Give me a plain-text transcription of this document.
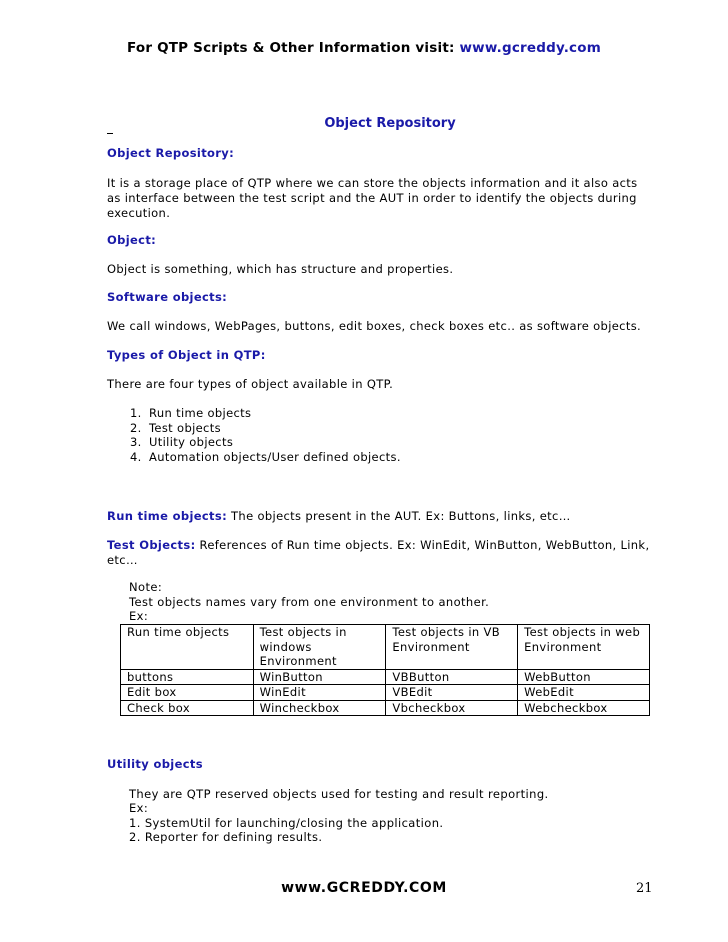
For QTP Scripts & Other Information visit: www.gcreddy.com
Object Repository
Object Repository:
It is a storage place of QTP where we can store the objects information and it also acts as interface between the test script and the AUT in order to identify the objects during execution.
Object:
Object is something, which has structure and properties.
Software objects:
We call windows, WebPages, buttons, edit boxes, check boxes etc.. as software objects.
Types of Object in QTP:
There are four types of object available in QTP.
1. Run time objects
2. Test objects
3. Utility objects
4. Automation objects/User defined objects.
Run time objects: The objects present in the AUT. Ex: Buttons, links, etc…
Test Objects: References of Run time objects. Ex: WinEdit, WinButton, WebButton, Link, etc…
Note:
Test objects names vary from one environment to another.
Ex:
Run time objects	Test objects in windows Environment	Test objects in VB Environment	Test objects in web Environment
buttons	WinButton	VBButton	WebButton
Edit box	WinEdit	VBEdit	WebEdit
Check box	Wincheckbox	Vbcheckbox	Webcheckbox
Utility objects
They are QTP reserved objects used for testing and result reporting.
Ex:
1. SystemUtil for launching/closing the application.
2. Reporter for defining results.
www.GCREDDY.COM	21
